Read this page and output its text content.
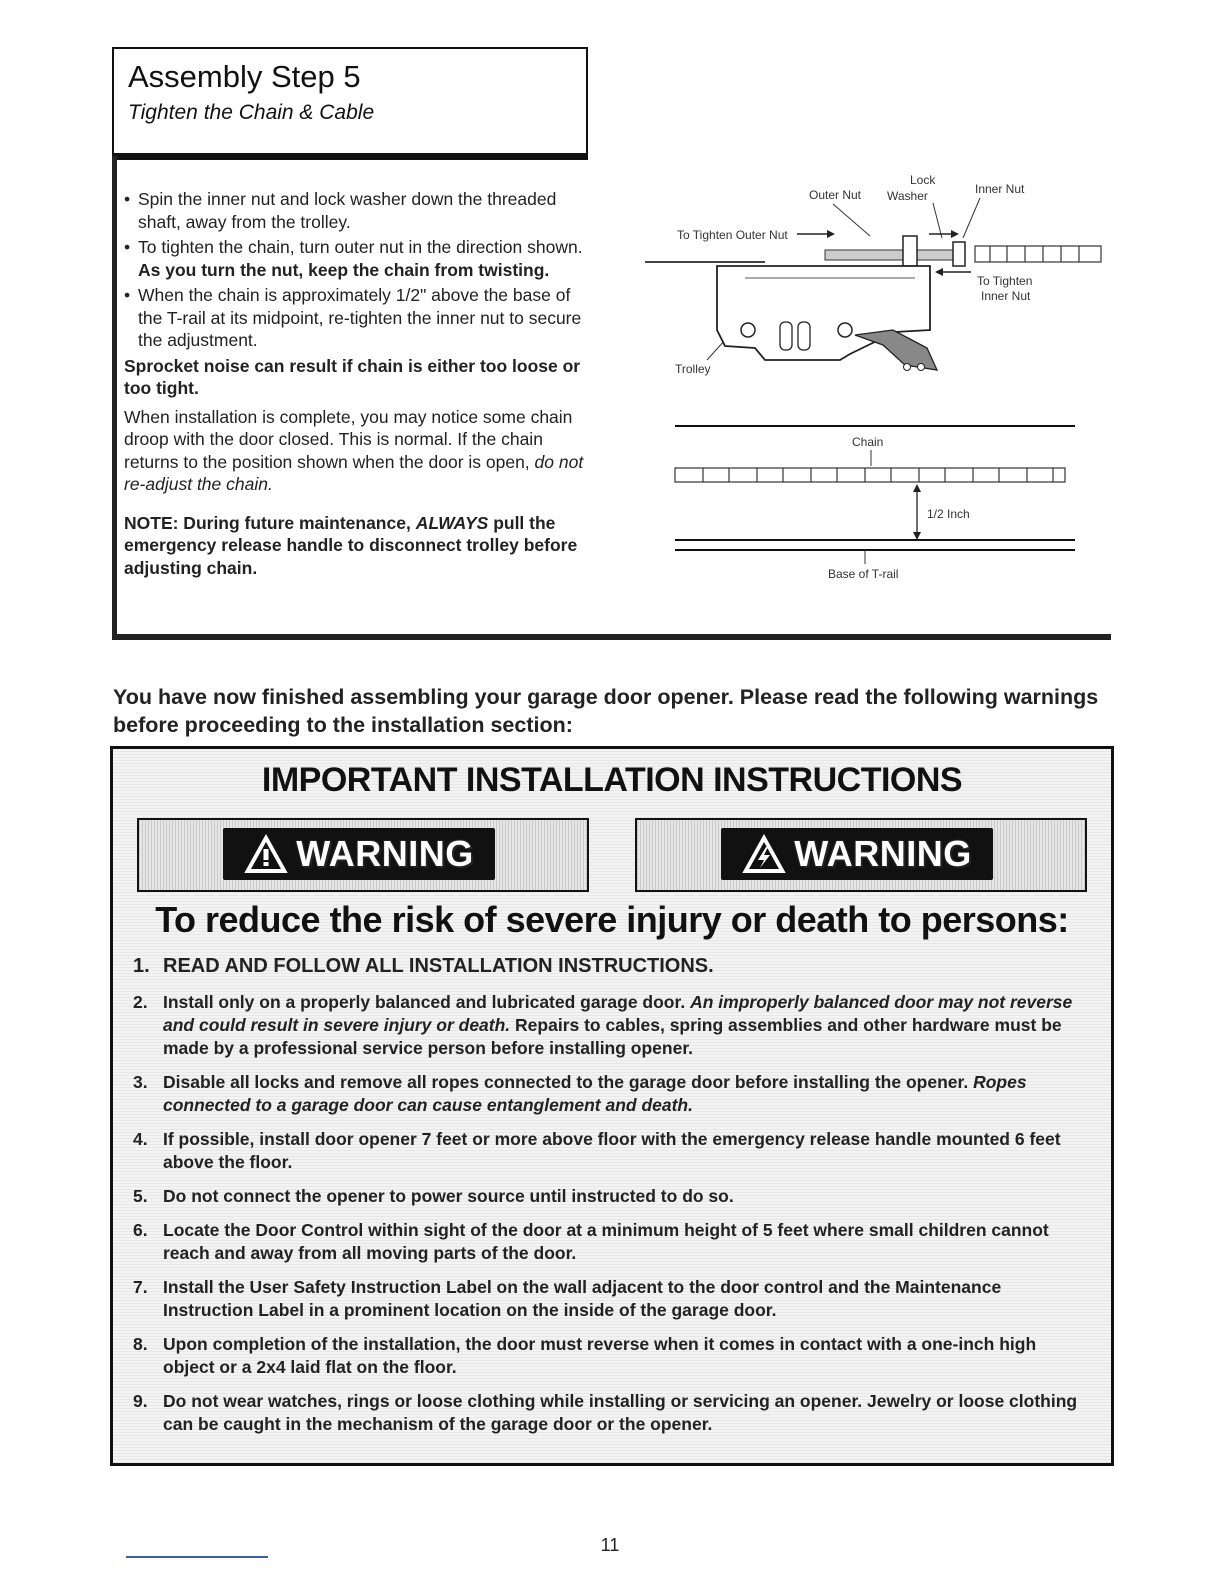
Assembly Step 5
Tighten the Chain & Cable
• Spin the inner nut and lock washer down the threaded shaft, away from the trolley.
• To tighten the chain, turn outer nut in the direction shown. As you turn the nut, keep the chain from twisting.
• When the chain is approximately 1/2" above the base of the T-rail at its midpoint, re-tighten the inner nut to secure the adjustment.
Sprocket noise can result if chain is either too loose or too tight.
When installation is complete, you may notice some chain droop with the door closed. This is normal. If the chain returns to the position shown when the door is open, do not re-adjust the chain.
NOTE: During future maintenance, ALWAYS pull the emergency release handle to disconnect trolley before adjusting chain.
Lock
Washer
Outer Nut	Inner Nut
To Tighten Outer Nut
To Tighten
Inner Nut
Trolley
Chain
1/2 Inch
Base of T-rail
You have now finished assembling your garage door opener. Please read the following warnings before proceeding to the installation section:
IMPORTANT INSTALLATION INSTRUCTIONS
WARNING	WARNING
To reduce the risk of severe injury or death to persons:
1. READ AND FOLLOW ALL INSTALLATION INSTRUCTIONS.
2. Install only on a properly balanced and lubricated garage door. An improperly balanced door may not reverse and could result in severe injury or death. Repairs to cables, spring assemblies and other hardware must be made by a professional service person before installing opener.
3. Disable all locks and remove all ropes connected to the garage door before installing the opener. Ropes connected to a garage door can cause entanglement and death.
4. If possible, install door opener 7 feet or more above floor with the emergency release handle mounted 6 feet above the floor.
5. Do not connect the opener to power source until instructed to do so.
6. Locate the Door Control within sight of the door at a minimum height of 5 feet where small children cannot reach and away from all moving parts of the door.
7. Install the User Safety Instruction Label on the wall adjacent to the door control and the Maintenance Instruction Label in a prominent location on the inside of the garage door.
8. Upon completion of the installation, the door must reverse when it comes in contact with a one-inch high object or a 2x4 laid flat on the floor.
9. Do not wear watches, rings or loose clothing while installing or servicing an opener. Jewelry or loose clothing can be caught in the mechanism of the garage door or the opener.
11
